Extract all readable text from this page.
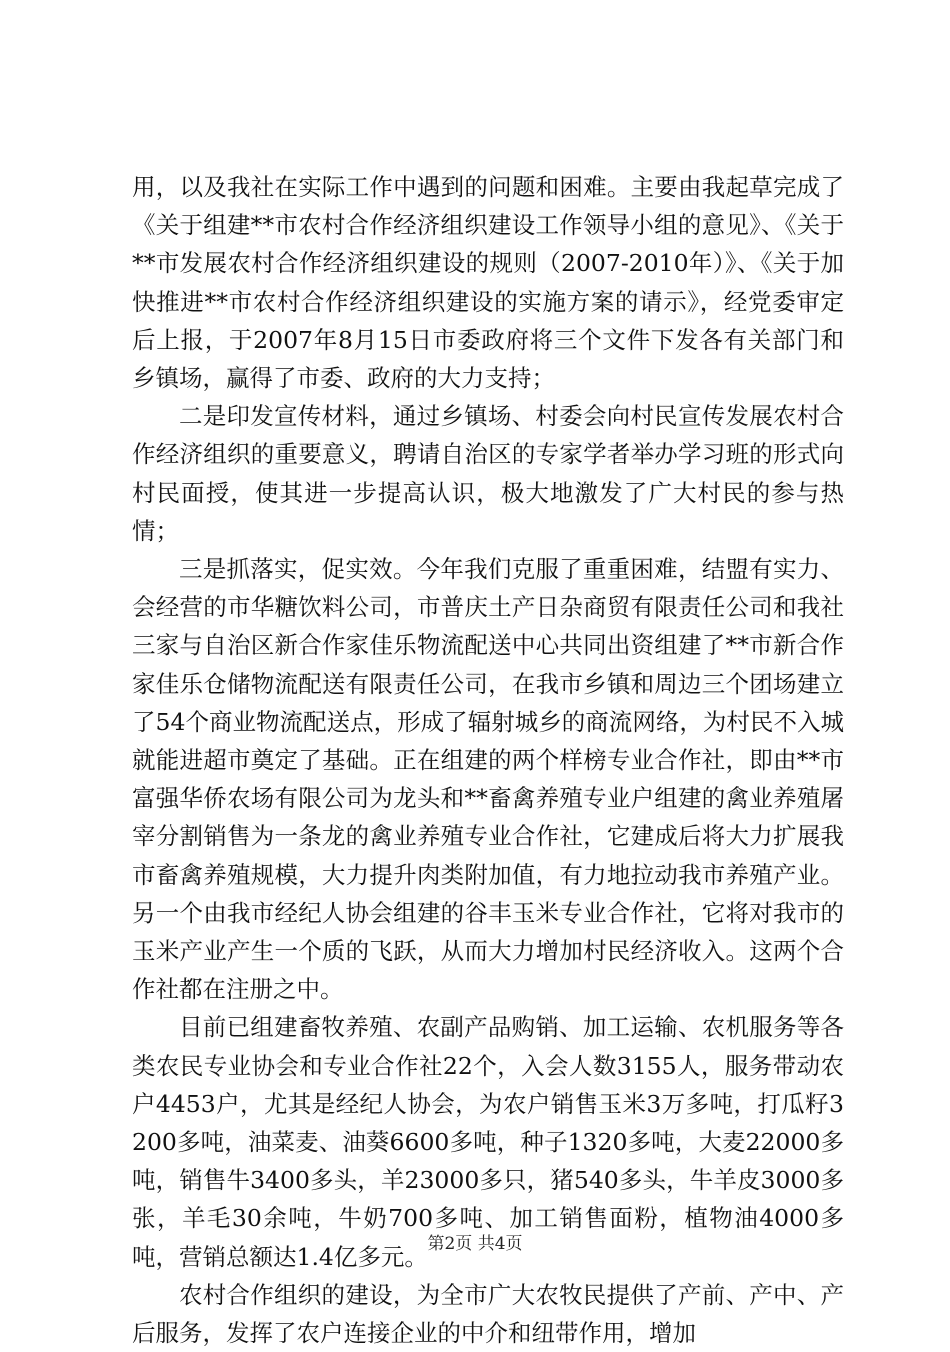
用，以及我社在实际工作中遇到的问题和困难。主要由我起草完成了《关于组建**市农村合作经济组织建设工作领导小组的意见》、《关于**市发展农村合作经济组织建设的规则（2007-2010年）》、《关于加快推进**市农村合作经济组织建设的实施方案的请示》，经党委审定后上报，于2007年8月15日市委政府将三个文件下发各有关部门和乡镇场，赢得了市委、政府的大力支持；

二是印发宣传材料，通过乡镇场、村委会向村民宣传发展农村合作经济组织的重要意义，聘请自治区的专家学者举办学习班的形式向村民面授，使其进一步提高认识，极大地激发了广大村民的参与热情；

三是抓落实，促实效。今年我们克服了重重困难，结盟有实力、会经营的市华糖饮料公司，市普庆土产日杂商贸有限责任公司和我社三家与自治区新合作家佳乐物流配送中心共同出资组建了**市新合作家佳乐仓储物流配送有限责任公司，在我市乡镇和周边三个团场建立了54个商业物流配送点，形成了辐射城乡的商流网络，为村民不入城就能进超市奠定了基础。正在组建的两个样榜专业合作社，即由**市富强华侨农场有限公司为龙头和**畜禽养殖专业户组建的禽业养殖屠宰分割销售为一条龙的禽业养殖专业合作社，它建成后将大力扩展我市畜禽养殖规模，大力提升肉类附加值，有力地拉动我市养殖产业。另一个由我市经纪人协会组建的谷丰玉米专业合作社，它将对我市的玉米产业产生一个质的飞跃，从而大力增加村民经济收入。这两个合作社都在注册之中。

目前已组建畜牧养殖、农副产品购销、加工运输、农机服务等各类农民专业协会和专业合作社22个，入会人数3155人，服务带动农户4453户，尤其是经纪人协会，为农户销售玉米3万多吨，打瓜籽3200多吨，油菜麦、油葵6600多吨，种子1320多吨，大麦22000多吨，销售牛3400多头，羊23000多只，猪540多头，牛羊皮3000多张，羊毛30余吨，牛奶700多吨、加工销售面粉，植物油4000多吨，营销总额达1.4亿多元。

农村合作组织的建设，为全市广大农牧民提供了产前、产中、产后服务，发挥了农户连接企业的中介和纽带作用，增加

第2页 共4页
